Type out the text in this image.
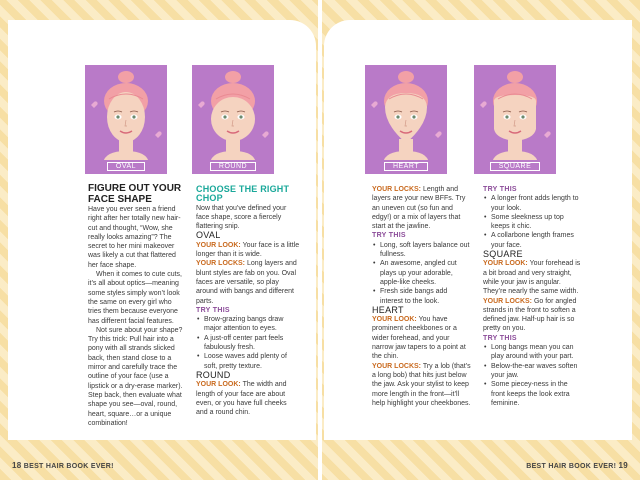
OVAL	ROUND	HEART	SQUARE

FIGURE OUT YOUR FACE SHAPE

Have you ever seen a friend right after her totally new hair-cut and thought, “Wow, she really looks amazing”? The secret to her mini makeover was likely a cut that flattered her face shape.

When it comes to cute cuts, it’s all about optics—meaning some styles simply won’t look the same on every girl who tries them because everyone has different facial features.

Not sure about your shape? Try this trick: Pull hair into a pony with all strands slicked back, then stand close to a mirror and carefully trace the outline of your face (use a lipstick or a dry-erase marker). Step back, then evaluate what shape you see—oval, round, heart, square…or a unique combination!

CHOOSE THE RIGHT CHOP

Now that you’ve defined your face shape, score a fiercely flattering snip.

OVAL

YOUR LOOK: Your face is a little longer than it is wide.

YOUR LOCKS: Long layers and blunt styles are fab on you. Oval faces are versatile, so play around with bangs and different parts.

TRY THIS

• Brow-grazing bangs draw major attention to eyes.
• A just-off center part feels fabulously fresh.
• Loose waves add plenty of soft, pretty texture.

ROUND

YOUR LOOK: The width and length of your face are about even, or you have full cheeks and a round chin.

YOUR LOCKS: Length and layers are your new BFFs. Try an uneven cut (so fun and edgy!) or a mix of layers that start at the jawline.

TRY THIS

• Long, soft layers balance out fullness.
• An awesome, angled cut plays up your adorable, apple-like cheeks.
• Fresh side bangs add interest to the look.

HEART

YOUR LOOK: You have prominent cheekbones or a wider forehead, and your narrow jaw tapers to a point at the chin.

YOUR LOCKS: Try a lob (that’s a long bob) that hits just below the jaw. Ask your stylist to keep more length in the front—it’ll help highlight your cheekbones.

TRY THIS

• A longer front adds length to your look.
• Some sleekness up top keeps it chic.
• A collarbone length frames your face.

SQUARE

YOUR LOOK: Your forehead is a bit broad and very straight, while your jaw is angular. They’re nearly the same width.

YOUR LOCKS: Go for angled strands in the front to soften a defined jaw. Half-up hair is so pretty on you.

TRY THIS

• Long bangs mean you can play around with your part.
• Below-the-ear waves soften your jaw.
• Some piecey-ness in the front keeps the look extra feminine.
18 BEST HAIR BOOK EVER!	BEST HAIR BOOK EVER! 19
